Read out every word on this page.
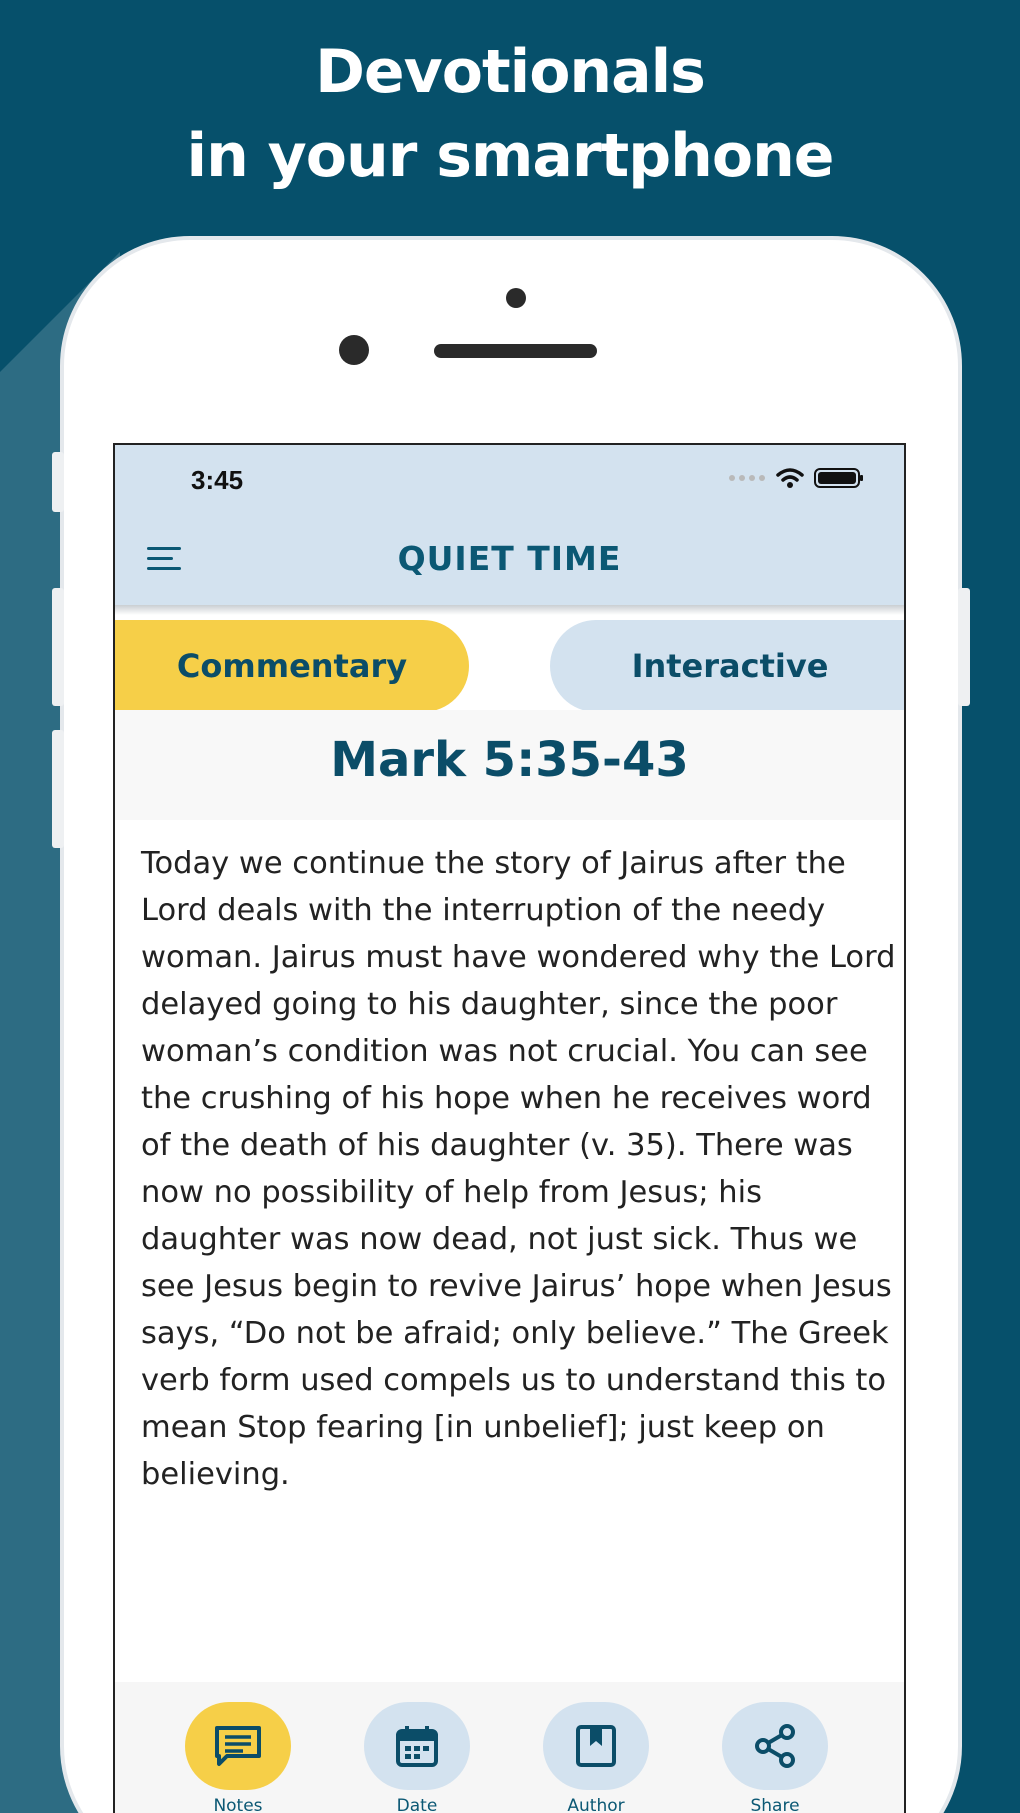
Devotionals
in your smartphone
3:45
QUIET TIME
Commentary	Interactive
Mark 5:35-43
Today we continue the story of Jairus after the Lord deals with the interruption of the needy woman. Jairus must have wondered why the Lord delayed going to his daughter, since the poor woman’s condition was not crucial. You can see the crushing of his hope when he receives word of the death of his daughter (v. 35). There was now no possibility of help from Jesus; his daughter was now dead, not just sick. Thus we see Jesus begin to revive Jairus’ hope when Jesus says, “Do not be afraid; only believe.” The Greek verb form used compels us to understand this to mean Stop fearing [in unbelief]; just keep on believing.
Notes	Date	Author	Share
